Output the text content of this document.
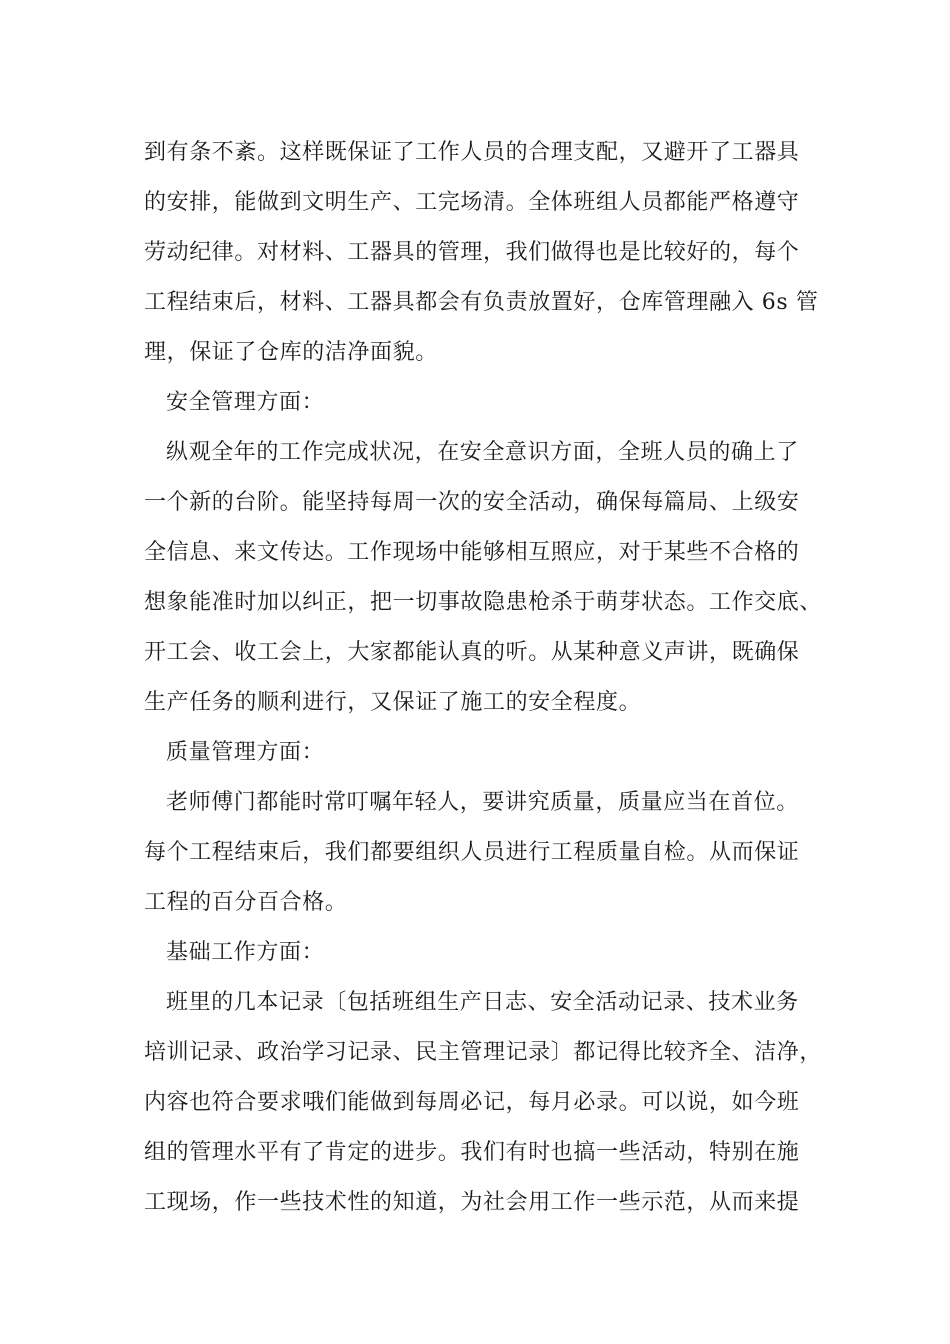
到有条不紊。这样既保证了工作人员的合理支配，又避开了工器具
的安排，能做到文明生产、工完场清。全体班组人员都能严格遵守
劳动纪律。对材料、工器具的管理，我们做得也是比较好的，每个
工程结束后，材料、工器具都会有负责放置好，仓库管理融入 6s 管
理，保证了仓库的洁净面貌。
安全管理方面：
纵观全年的工作完成状况，在安全意识方面，全班人员的确上了
一个新的台阶。能坚持每周一次的安全活动，确保每篇局、上级安
全信息、来文传达。工作现场中能够相互照应，对于某些不合格的
想象能准时加以纠正，把一切事故隐患枪杀于萌芽状态。工作交底、
开工会、收工会上，大家都能认真的听。从某种意义声讲，既确保
生产任务的顺利进行，又保证了施工的安全程度。
质量管理方面：
老师傅门都能时常叮嘱年轻人，要讲究质量，质量应当在首位。
每个工程结束后，我们都要组织人员进行工程质量自检。从而保证
工程的百分百合格。
基础工作方面：
班里的几本记录〔包括班组生产日志、安全活动记录、技术业务
培训记录、政治学习记录、民主管理记录〕都记得比较齐全、洁净，
内容也符合要求哦们能做到每周必记，每月必录。可以说，如今班
组的管理水平有了肯定的进步。我们有时也搞一些活动，特别在施
工现场，作一些技术性的知道，为社会用工作一些示范，从而来提
